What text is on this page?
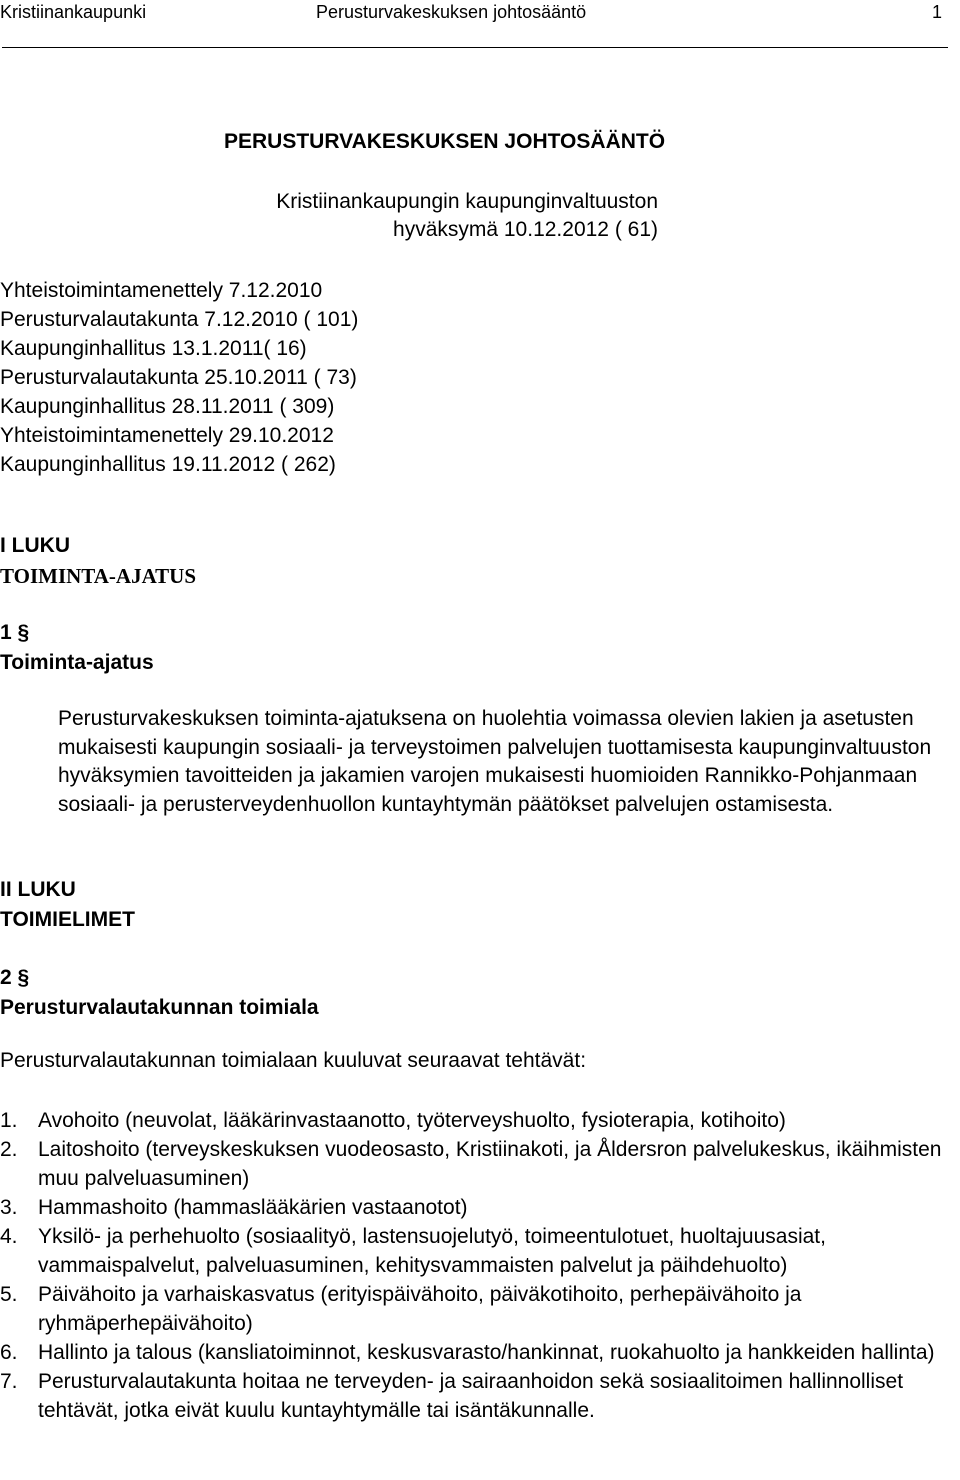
Kristiinankaupunki	Perusturvakeskuksen johtosääntö	1
PERUSTURVAKESKUKSEN JOHTOSÄÄNTÖ
Kristiinankaupungin kaupunginvaltuuston
hyväksymä 10.12.2012 ( 61)
Yhteistoimintamenettely 7.12.2010
Perusturvalautakunta 7.12.2010 ( 101)
Kaupunginhallitus 13.1.2011( 16)
Perusturvalautakunta 25.10.2011 ( 73)
Kaupunginhallitus 28.11.2011 ( 309)
Yhteistoimintamenettely 29.10.2012
Kaupunginhallitus 19.11.2012 ( 262)
I LUKU
TOIMINTA-AJATUS
1 §
Toiminta-ajatus
Perusturvakeskuksen toiminta-ajatuksena on huolehtia voimassa olevien lakien ja asetusten mukaisesti kaupungin sosiaali- ja terveystoimen palvelujen tuottamisesta kaupunginvaltuuston hyväksymien tavoitteiden ja jakamien varojen mukaisesti huomioiden Rannikko-Pohjanmaan sosiaali- ja perusterveydenhuollon kuntayhtymän päätökset palvelujen ostamisesta.
II LUKU
TOIMIELIMET
2 §
Perusturvalautakunnan toimiala
Perusturvalautakunnan toimialaan kuuluvat seuraavat tehtävät:
1. Avohoito (neuvolat, lääkärinvastaanotto, työterveyshuolto, fysioterapia, kotihoito)
2. Laitoshoito (terveyskeskuksen vuodeosasto, Kristiinakoti, ja Åldersron palvelukeskus, ikäihmisten muu palveluasuminen)
3. Hammashoito (hammaslääkärien vastaanotot)
4. Yksilö- ja perhehuolto (sosiaalityö, lastensuojelutyö, toimeentulotuet, huoltajuusasiat, vammaispalvelut, palveluasuminen, kehitysvammaisten palvelut ja päihdehuolto)
5. Päivähoito ja varhaiskasvatus (erityispäivähoito, päiväkotihoito, perhepäivähoito ja ryhmäperhepäivähoito)
6. Hallinto ja talous (kansliatoiminnot, keskusvarasto/hankinnat, ruokahuolto ja hankkeiden hallinta)
7. Perusturvalautakunta hoitaa ne terveyden- ja sairaanhoidon sekä sosiaalitoimen hallinnolliset tehtävät, jotka eivät kuulu kuntayhtymälle tai isäntäkunnalle.
